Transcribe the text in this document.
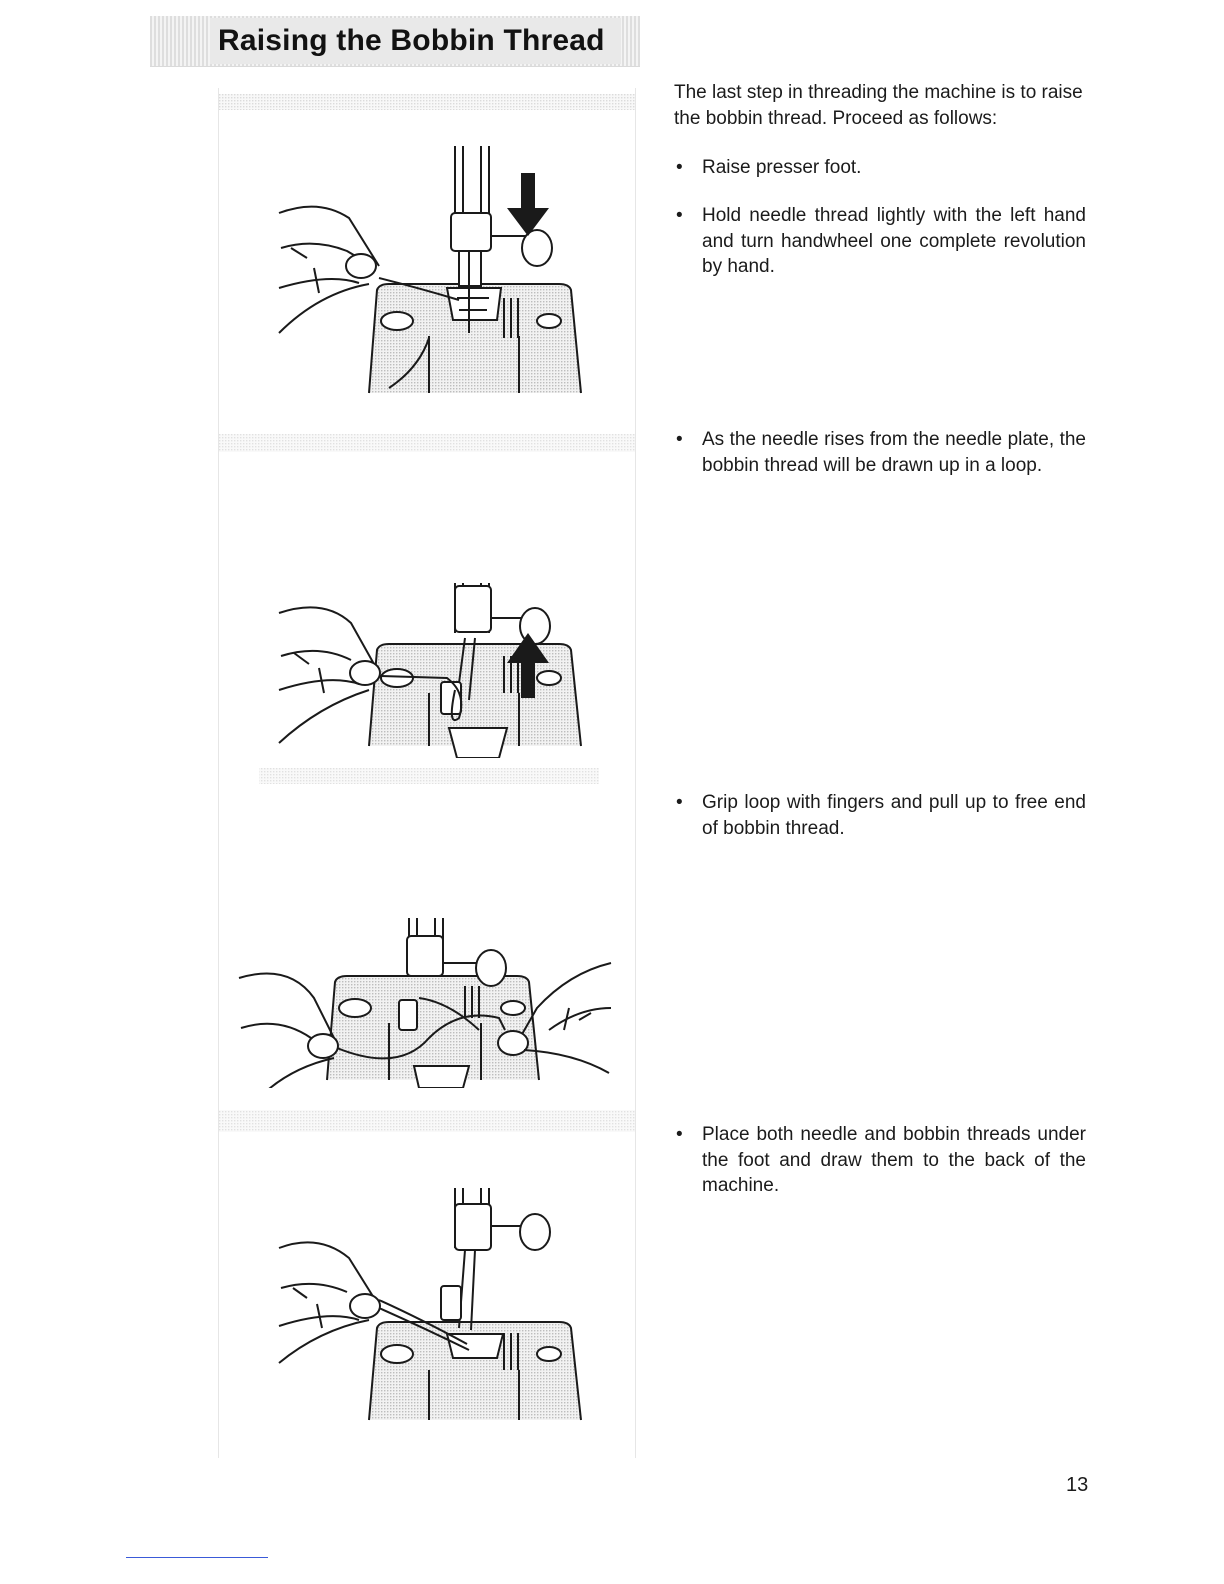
Raising the Bobbin Thread

The last step in threading the machine is to raise the bobbin thread. Proceed as follows:

•	Raise presser foot.
•	Hold needle thread lightly with the left hand and turn handwheel one complete revolution by hand.
•	As the needle rises from the needle plate, the bobbin thread will be drawn up in a loop.
•	Grip loop with fingers and pull up to free end of bobbin thread.
•	Place both needle and bobbin threads under the foot and draw them to the back of the machine.
13
